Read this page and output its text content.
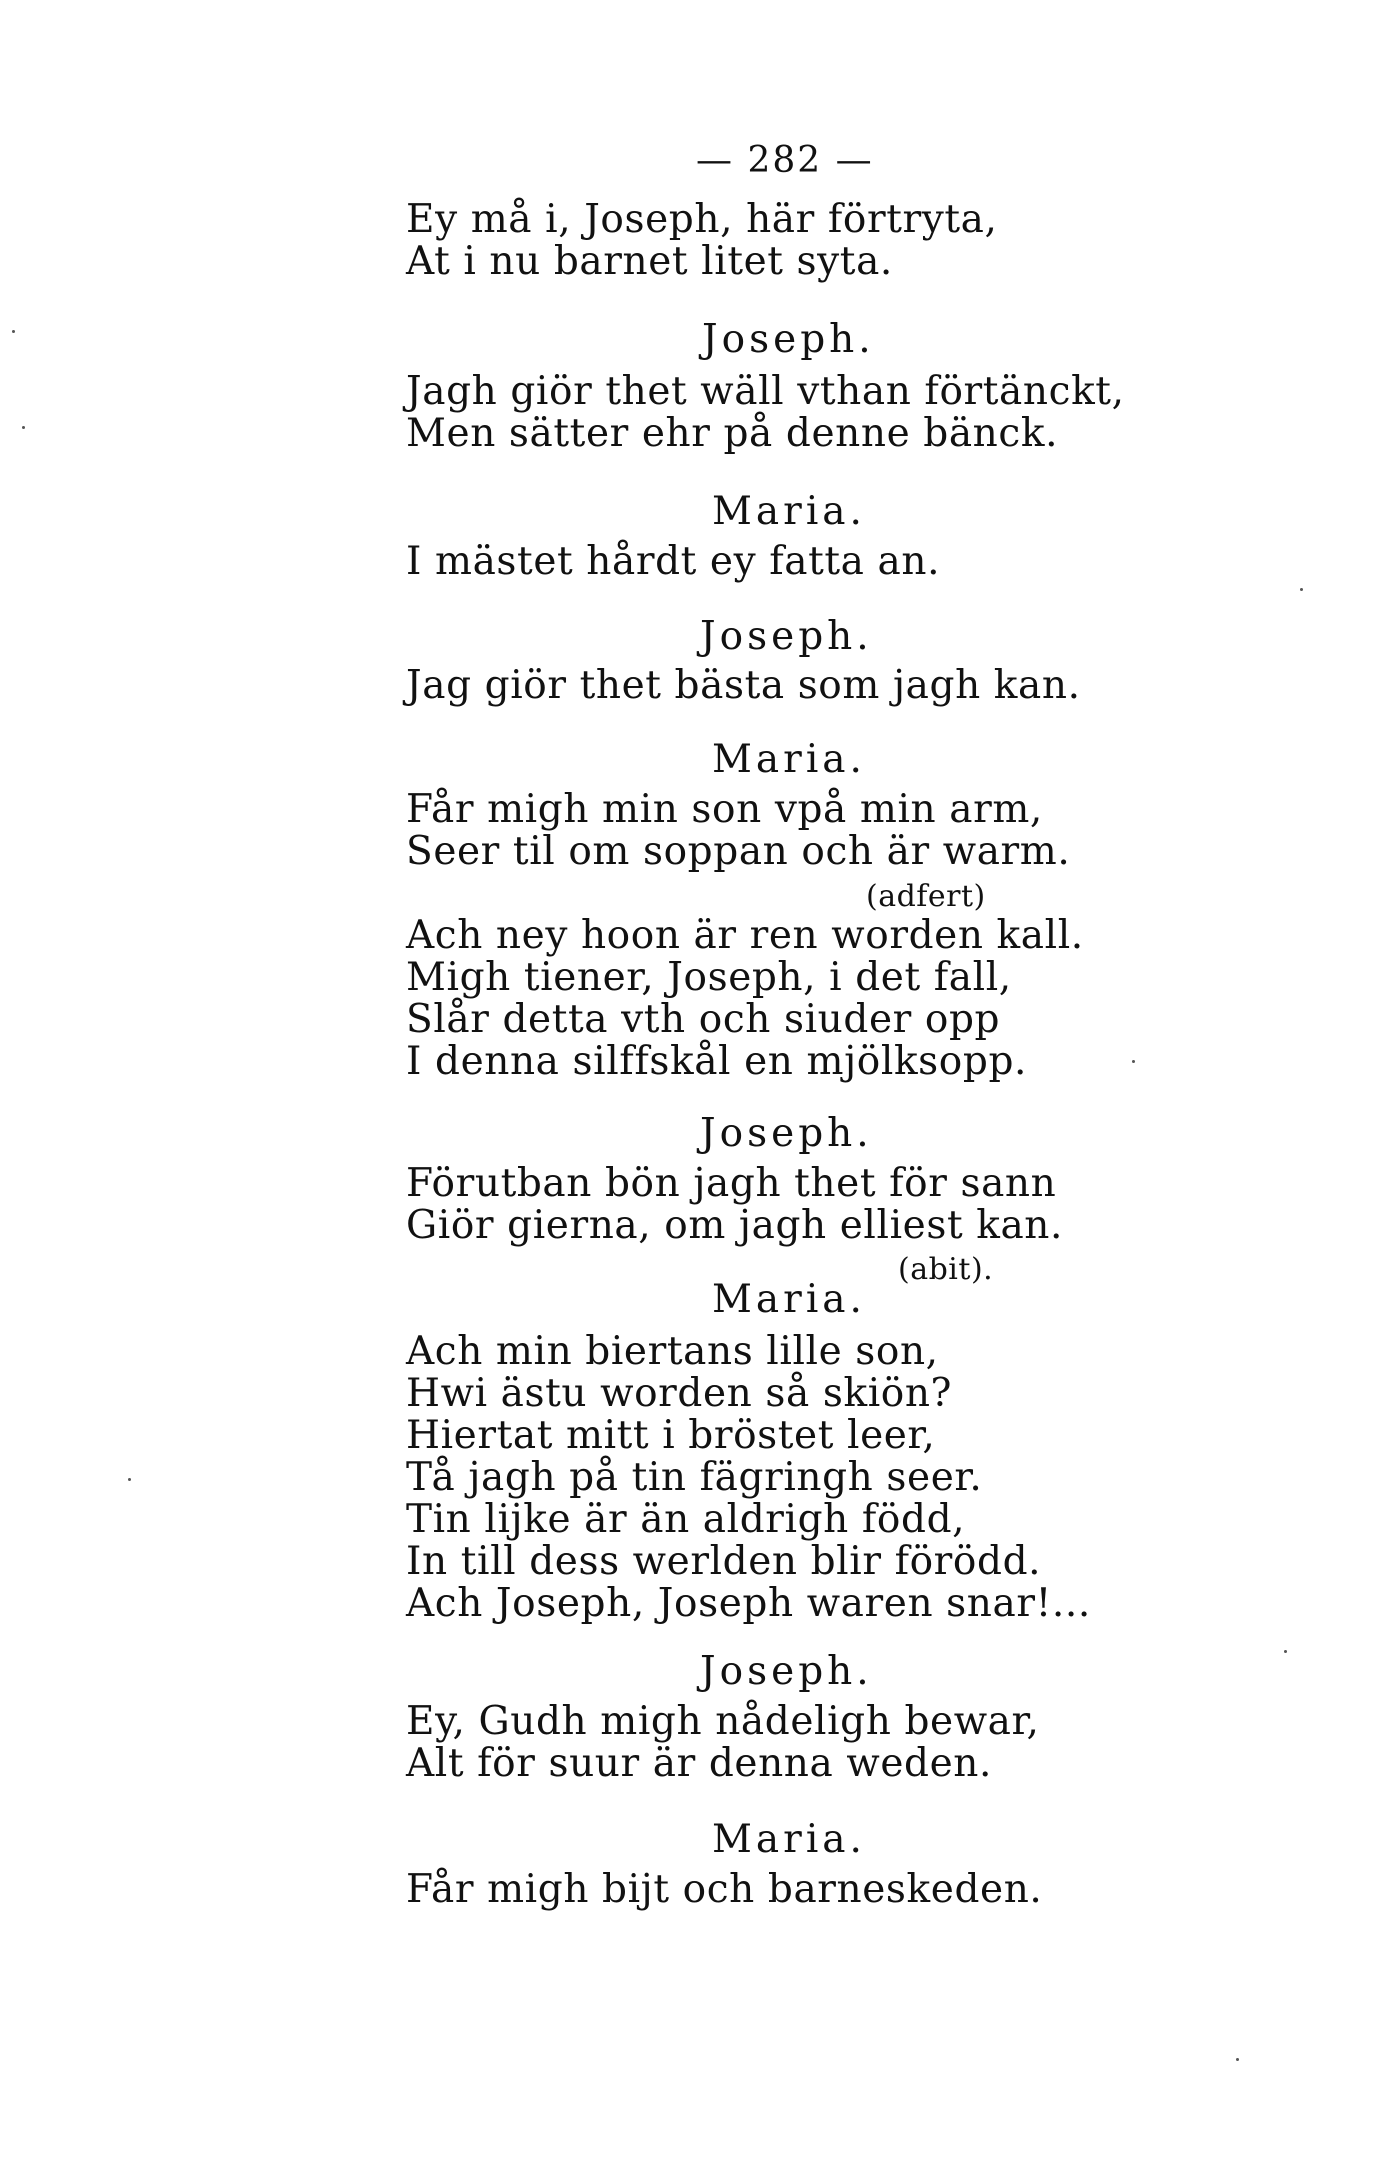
— 282 —
Ey må i, Joseph, här förtryta,
At i nu barnet litet syta.
Joseph.
Jagh giör thet wäll vthan förtänckt,
Men sätter ehr på denne bänck.
Maria.
I mästet hårdt ey fatta an.
Joseph.
Jag giör thet bästa som jagh kan.
Maria.
Får migh min son vpå min arm,
Seer til om soppan och är warm.
(adfert)
Ach ney hoon är ren worden kall.
Migh tiener, Joseph, i det fall,
Slår detta vth och siuder opp
I denna silffskål en mjölksopp.
Joseph.
Förutban bön jagh thet för sann
Giör gierna, om jagh elliest kan.
(abit).
Maria.
Ach min biertans lille son,
Hwi ästu worden så skiön?
Hiertat mitt i bröstet leer,
Tå jagh på tin fägringh seer.
Tin lijke är än aldrigh född,
In till dess werlden blir förödd.
Ach Joseph, Joseph waren snar!...
Joseph.
Ey, Gudh migh nådeligh bewar,
Alt för suur är denna weden.
Maria.
Får migh bijt och barneskeden.
